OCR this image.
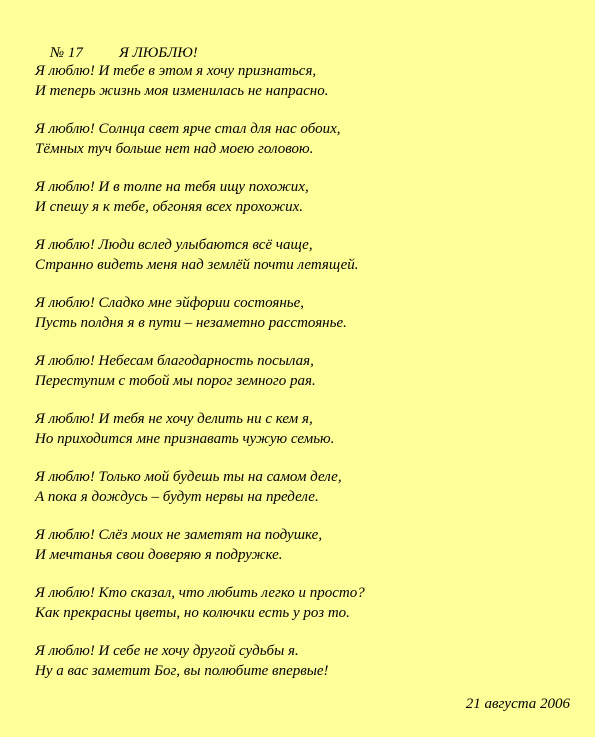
№ 17 Я ЛЮБЛЮ!

Я люблю! И тебе в этом я хочу признаться,
И теперь жизнь моя изменилась не напрасно.
Я люблю! Солнца свет ярче стал для нас обоих,
Тёмных туч больше нет над моею головою.
Я люблю! И в толпе на тебя ищу похожих,
И спешу я к тебе, обгоняя всех прохожих.
Я люблю! Люди вслед улыбаются всё чаще,
Странно видеть меня над землёй почти летящей.
Я люблю! Сладко мне эйфории состоянье,
Пусть полдня я в пути – незаметно расстоянье.
Я люблю! Небесам благодарность посылая,
Переступим с тобой мы порог земного рая.
Я люблю! И тебя не хочу делить ни с кем я,
Но приходится мне признавать чужую семью.
Я люблю! Только мой будешь ты на самом деле,
А пока я дождусь – будут нервы на пределе.
Я люблю! Слёз моих не заметят на подушке,
И мечтанья свои доверяю я подружке.
Я люблю! Кто сказал, что любить легко и просто?
Как прекрасны цветы, но колючки есть у роз то.
Я люблю! И себе не хочу другой судьбы я.
Ну а вас заметит Бог, вы полюбите впервые!
21 августа 2006
